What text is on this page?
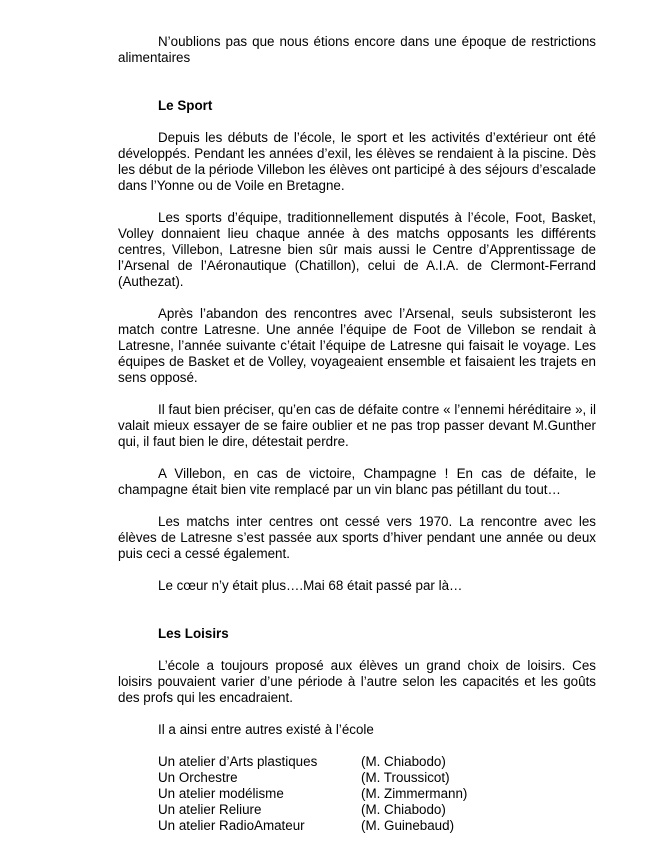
N’oublions pas que nous étions encore dans une époque de restrictions alimentaires

Le Sport

Depuis les débuts de l’école, le sport et les activités d’extérieur ont été développés. Pendant les années d’exil, les élèves se rendaient à la piscine. Dès les début de la période Villebon les élèves ont participé à des séjours d’escalade dans l’Yonne ou de Voile en Bretagne.

Les sports d’équipe, traditionnellement disputés à l’école, Foot, Basket, Volley donnaient lieu chaque année à des matchs opposants les différents centres, Villebon, Latresne bien sûr mais aussi le Centre d’Apprentissage de l’Arsenal de l’Aéronautique (Chatillon), celui de A.I.A. de Clermont-Ferrand (Authezat).

Après l’abandon des rencontres avec l’Arsenal, seuls subsisteront les match contre Latresne. Une année l’équipe de Foot de Villebon se rendait à Latresne, l’année suivante c’était l’équipe de Latresne qui faisait le voyage. Les équipes de Basket et de Volley, voyageaient ensemble et faisaient les trajets en sens opposé.

Il faut bien préciser, qu’en cas de défaite contre « l’ennemi héréditaire », il valait mieux essayer de se faire oublier et ne pas trop passer devant M.Gunther qui, il faut bien le dire, détestait perdre.

A Villebon, en cas de victoire, Champagne ! En cas de défaite, le champagne était bien vite remplacé par un vin blanc pas pétillant du tout…

Les matchs inter centres ont cessé vers 1970. La rencontre avec les élèves de Latresne s’est passée aux sports d’hiver pendant une année ou deux puis ceci a cessé également.

Le cœur n’y était plus….Mai 68 était passé par là…

Les Loisirs

L’école a toujours proposé aux élèves un grand choix de loisirs. Ces loisirs pouvaient varier d’une période à l’autre selon les capacités et les goûts des profs qui les encadraient.

Il a ainsi entre autres existé à l’école

Un atelier d’Arts plastiques	(M. Chiabodo)
Un Orchestre	(M. Troussicot)
Un atelier modélisme	(M. Zimmermann)
Un atelier Reliure	(M. Chiabodo)
Un atelier RadioAmateur	(M. Guinebaud)
